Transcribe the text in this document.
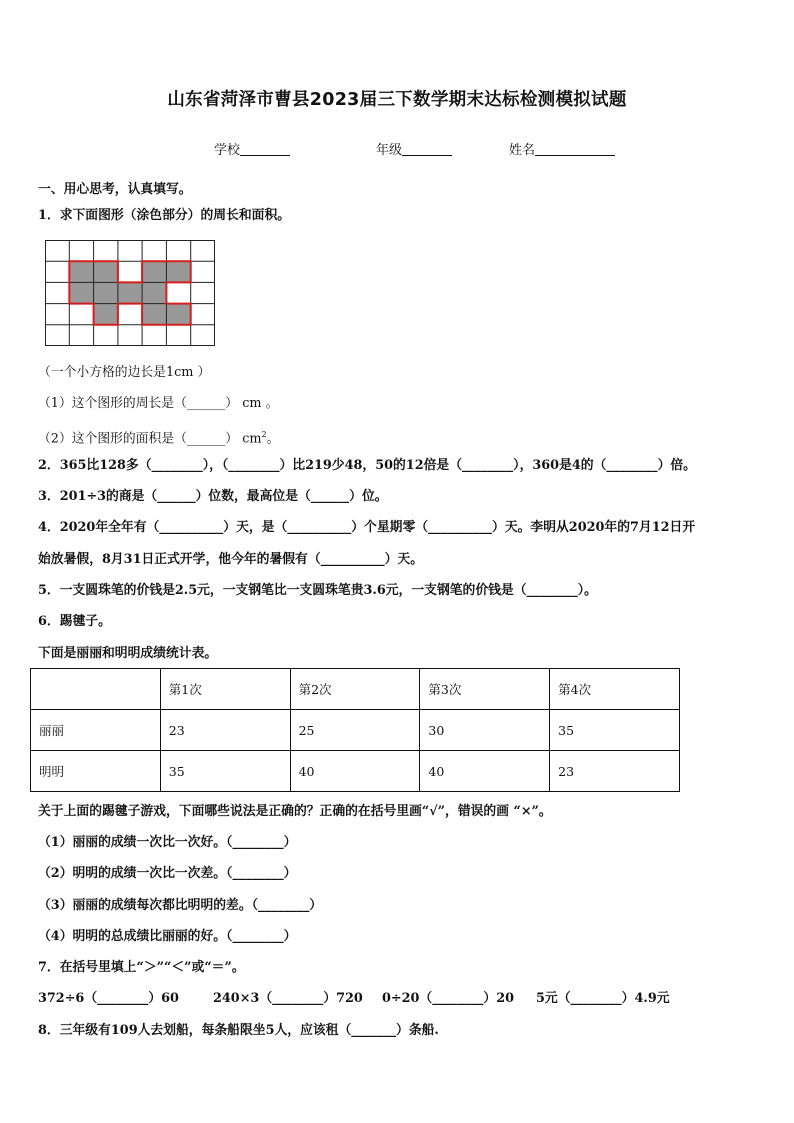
山东省菏泽市曹县2023届三下数学期末达标检测模拟试题
学校	年级	姓名
一、用心思考，认真填写。
1．求下面图形（涂色部分）的周长和面积。
（一个小方格的边长是1cm ）
（1）这个图形的周长是（______） cm 。
（2）这个图形的面积是（______） $cm^2$。
2．365比128多（________），（________）比219少48，50的12倍是（________），360是4的（________）倍。
3．201÷3的商是（______）位数，最高位是（______）位。
4．2020年全年有（__________）天，是（__________）个星期零（__________）天。李明从2020年的7月12日开
始放暑假，8月31日正式开学，他今年的暑假有（__________）天。
5．一支圆珠笔的价钱是2.5元，一支钢笔比一支圆珠笔贵3.6元，一支钢笔的价钱是（________）。
6．踢毽子。
下面是丽丽和明明成绩统计表。
	第1次	第2次	第3次	第4次
丽丽	23	25	30	35
明明	35	40	40	23
关于上面的踢毽子游戏，下面哪些说法是正确的？正确的在括号里画“√”，错误的画 “×”。
（1）丽丽的成绩一次比一次好。（________）
（2）明明的成绩一次比一次差。（________）
（3）丽丽的成绩每次都比明明的差。（________）
（4）明明的总成绩比丽丽的好。（________）
7．在括号里填上“＞”“＜”或“＝”。
372÷6（________）60	240×3（________）720 0÷20（________）20 5元（________）4.9元
8．三年级有109人去划船，每条船限坐5人，应该租（_______）条船.
